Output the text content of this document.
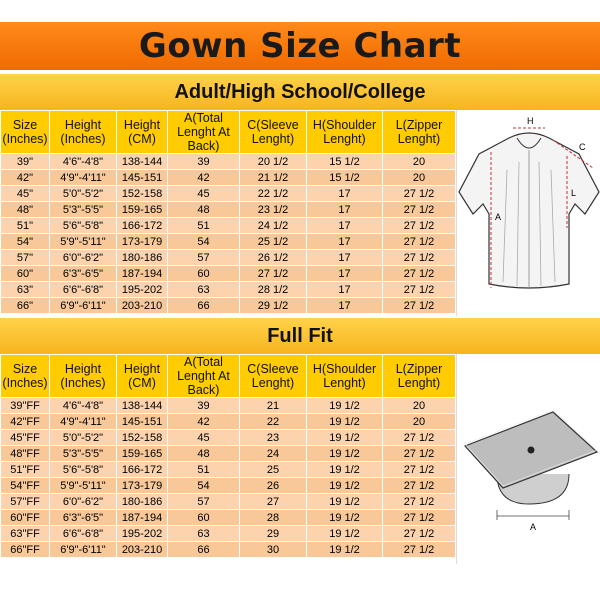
Gown Size Chart
Adult/High School/College
Size (Inches)	Height (Inches)	Height (CM)	A(Total Lenght At Back)	C(Sleeve Lenght)	H(Shoulder Lenght)	L(Zipper Lenght)
39"	4'6"-4'8"	138-144	39	20 1/2	15 1/2	20
42"	4'9"-4'11"	145-151	42	21 1/2	15 1/2	20
45"	5'0"-5'2"	152-158	45	22 1/2	17	27 1/2
48"	5'3"-5'5"	159-165	48	23 1/2	17	27 1/2
51"	5'6"-5'8"	166-172	51	24 1/2	17	27 1/2
54"	5'9"-5'11"	173-179	54	25 1/2	17	27 1/2
57"	6'0"-6'2"	180-186	57	26 1/2	17	27 1/2
60"	6'3"-6'5"	187-194	60	27 1/2	17	27 1/2
63"	6'6"-6'8"	195-202	63	28 1/2	17	27 1/2
66"	6'9"-6'11"	203-210	66	29 1/2	17	27 1/2
H
C
A
L
Full Fit
Size (Inches)	Height (Inches)	Height (CM)	A(Total Lenght At Back)	C(Sleeve Lenght)	H(Shoulder Lenght)	L(Zipper Lenght)
39"FF	4'6"-4'8"	138-144	39	21	19 1/2	20
42"FF	4'9"-4'11"	145-151	42	22	19 1/2	20
45"FF	5'0"-5'2"	152-158	45	23	19 1/2	27 1/2
48"FF	5'3"-5'5"	159-165	48	24	19 1/2	27 1/2
51"FF	5'6"-5'8"	166-172	51	25	19 1/2	27 1/2
54"FF	5'9"-5'11"	173-179	54	26	19 1/2	27 1/2
57"FF	6'0"-6'2"	180-186	57	27	19 1/2	27 1/2
60"FF	6'3"-6'5"	187-194	60	28	19 1/2	27 1/2
63"FF	6'6"-6'8"	195-202	63	29	19 1/2	27 1/2
66"FF	6'9"-6'11"	203-210	66	30	19 1/2	27 1/2
A
